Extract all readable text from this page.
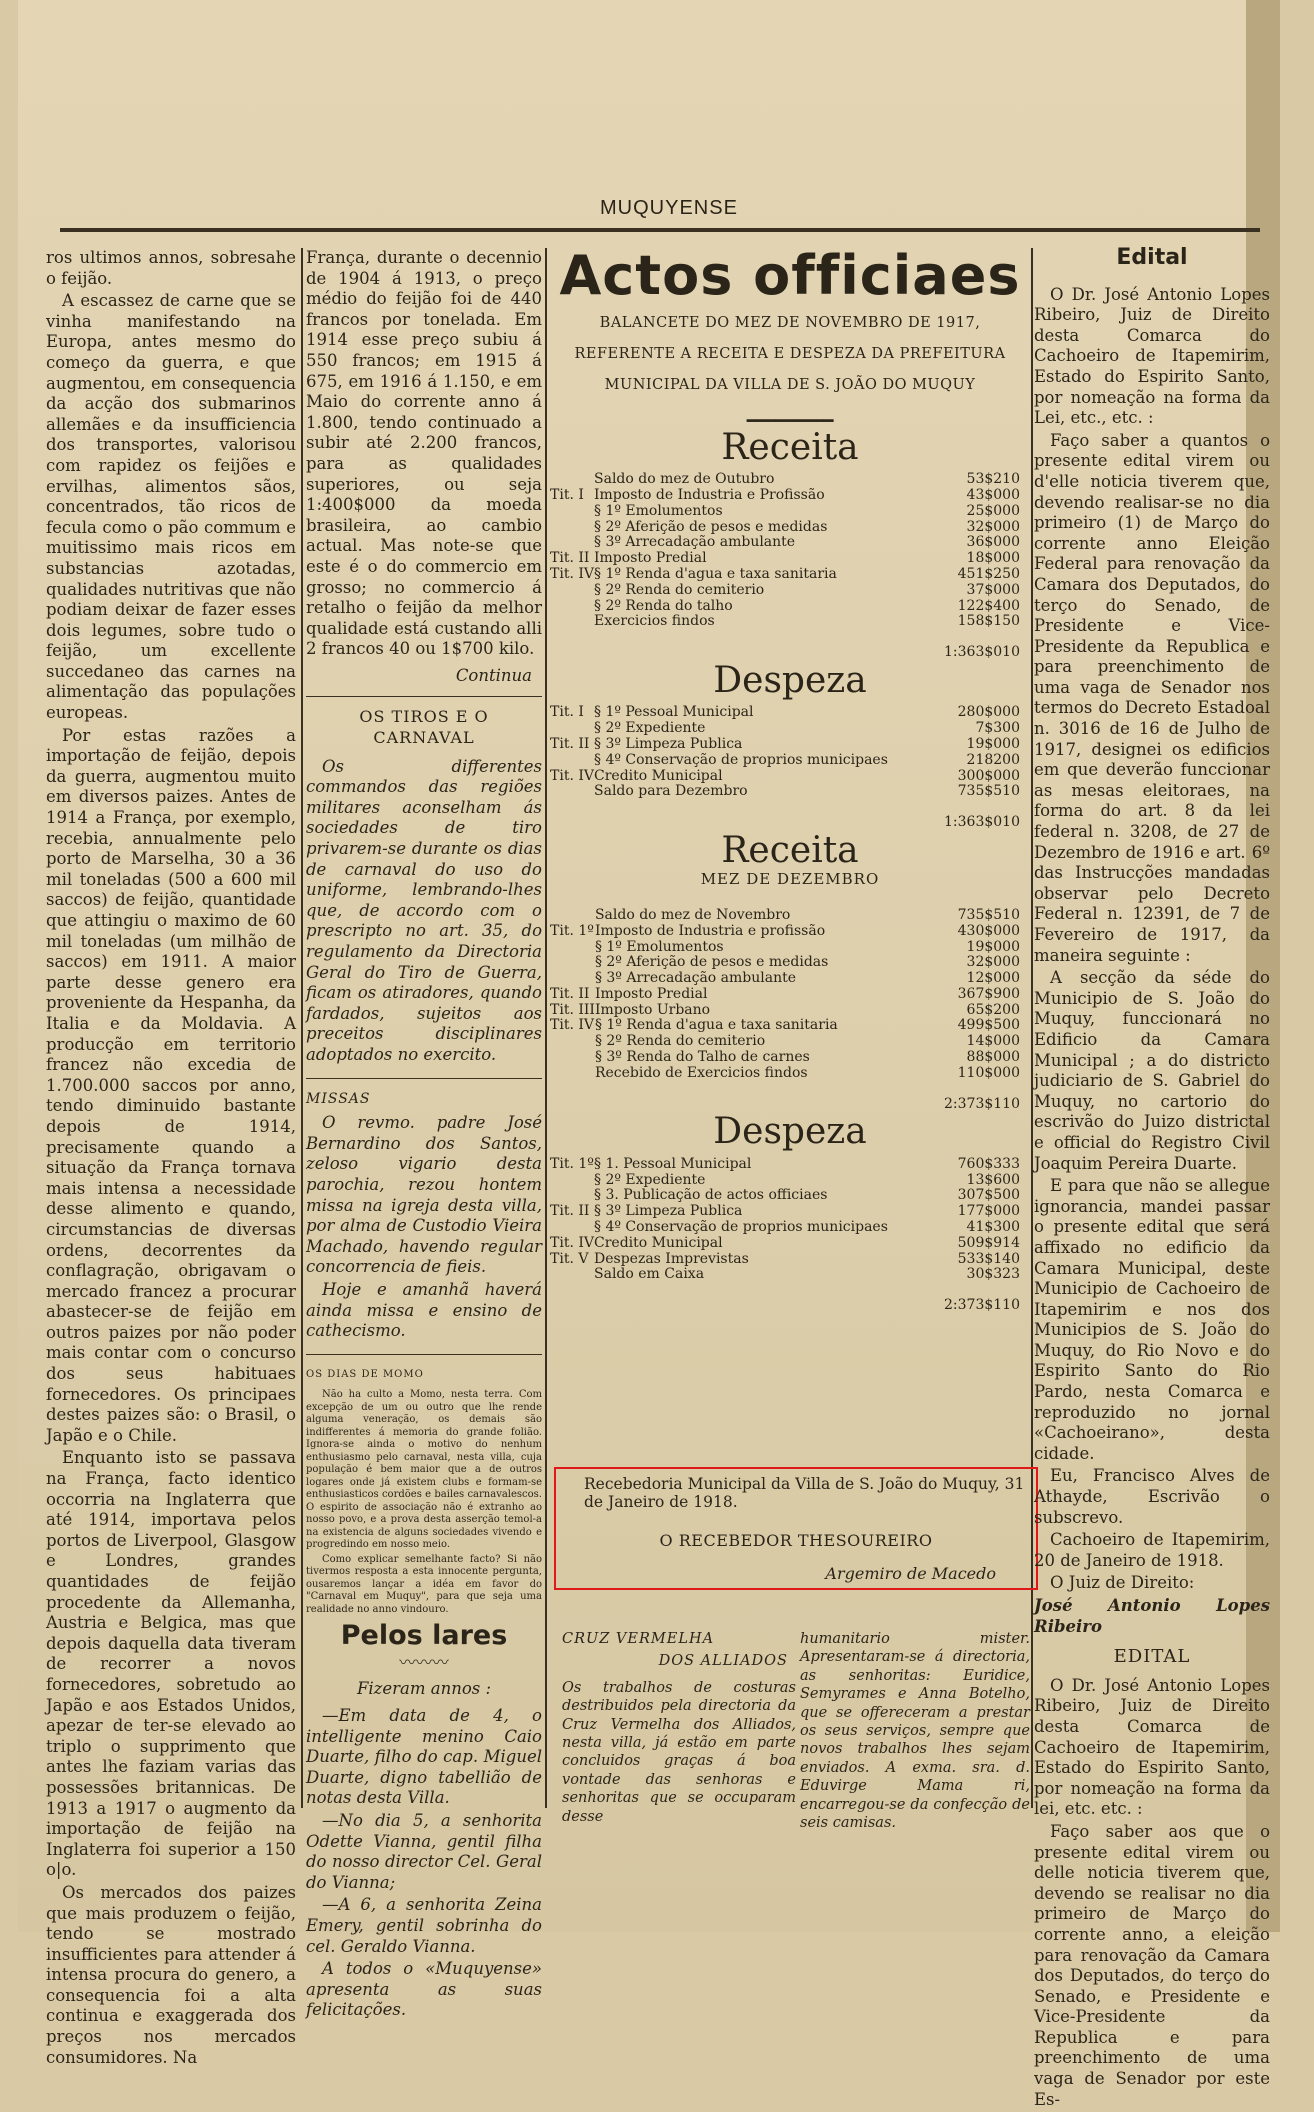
MUQUYENSE

ros ultimos annos, sobresahe o feijão.

A escassez de carne que se vinha manifestando na Europa, antes mesmo do começo da guerra, e que augmentou, em consequencia da acção dos submarinos allemães e da insufficiencia dos transportes, valorisou com rapidez os feijões e ervilhas, alimentos sãos, concentrados, tão ricos de fecula como o pão commum e muitissimo mais ricos em substancias azotadas, qualidades nutritivas que não podiam deixar de fazer esses dois legumes, sobre tudo o feijão, um excellente succedaneo das carnes na alimentação das populações europeas.

Por estas razões a importação de feijão, depois da guerra, augmentou muito em diversos paizes. Antes de 1914 a França, por exemplo, recebia, annualmente pelo porto de Marselha, 30 a 36 mil toneladas (500 a 600 mil saccos) de feijão, quantidade que attingiu o maximo de 60 mil toneladas (um milhão de saccos) em 1911. A maior parte desse genero era proveniente da Hespanha, da Italia e da Moldavia. A producção em territorio francez não excedia de 1.700.000 saccos por anno, tendo diminuido bastante depois de 1914, precisamente quando a situação da França tornava mais intensa a necessidade desse alimento e quando, circumstancias de diversas ordens, decorrentes da conflagração, obrigavam o mercado francez a procurar abastecer-se de feijão em outros paizes por não poder mais contar com o concurso dos seus habituaes fornecedores. Os principaes destes paizes são: o Brasil, o Japão e o Chile.

Enquanto isto se passava na França, facto identico occorria na Inglaterra que até 1914, importava pelos portos de Liverpool, Glasgow e Londres, grandes quantidades de feijão procedente da Allemanha, Austria e Belgica, mas que depois daquella data tiveram de recorrer a novos fornecedores, sobretudo ao Japão e aos Estados Unidos, apezar de ter-se elevado ao triplo o supprimento que antes lhe faziam varias das possessões britannicas. De 1913 a 1917 o augmento da importação de feijão na Inglaterra foi superior a 150 o|o.

Os mercados dos paizes que mais produzem o feijão, tendo se mostrado insufficientes para attender á intensa procura do genero, a consequencia foi a alta continua e exaggerada dos preços nos mercados consumidores. Na

França, durante o decennio de 1904 á 1913, o preço médio do feijão foi de 440 francos por tonelada. Em 1914 esse preço subiu á 550 francos; em 1915 á 675, em 1916 á 1.150, e em Maio do corrente anno á 1.800, tendo continuado a subir até 2.200 francos, para as qualidades superiores, ou seja 1:400$000 da moeda brasileira, ao cambio actual. Mas note-se que este é o do commercio em grosso; no commercio á retalho o feijão da melhor qualidade está custando alli 2 francos 40 ou 1$700 kilo.

Continua
OS TIROS E O CARNAVAL

Os differentes commandos das regiões militares aconselham ás sociedades de tiro privarem-se durante os dias de carnaval do uso do uniforme, lembrando-lhes que, de accordo com o prescripto no art. 35, do regulamento da Directoria Geral do Tiro de Guerra, ficam os atiradores, quando fardados, sujeitos aos preceitos disciplinares adoptados no exercito.

MISSAS

O revmo. padre José Bernardino dos Santos, zeloso vigario desta parochia, rezou hontem missa na igreja desta villa, por alma de Custodio Vieira Machado, havendo regular concorrencia de fieis.

Hoje e amanhã haverá ainda missa e ensino de cathecismo.

OS DIAS DE MOMO

Não ha culto a Momo, nesta terra. Com excepção de um ou outro que lhe rende alguma veneração, os demais são indifferentes á memoria do grande folião. Ignora-se ainda o motivo do nenhum enthusiasmo pelo carnaval, nesta villa, cuja população é bem maior que a de outros logares onde já existem clubs e formam-se enthusiasticos cordões e bailes carnavalescos. O espirito de associação não é extranho ao nosso povo, e a prova desta asserção temol-a na existencia de alguns sociedades vivendo e progredindo em nosso meio.

Como explicar semelhante facto? Si não tivermos resposta a esta innocente pergunta, ousaremos lançar a idéa em favor do "Carnaval em Muquy", para que seja uma realidade no anno vindouro.

Pelos lares
〰〰〰
Fizeram annos :

—Em data de 4, o intelligente menino Caio Duarte, filho do cap. Miguel Duarte, digno tabellião de notas desta Villa.

—No dia 5, a senhorita Odette Vianna, gentil filha do nosso director Cel. Geral do Vianna;

—A 6, a senhorita Zeina Emery, gentil sobrinha do cel. Geraldo Vianna.

A todos o «Muquyense» apresenta as suas felicitações.

Actos officiaes
BALANCETE DO MEZ DE NOVEMBRO DE 1917, REFERENTE A RECEITA E DESPEZA DA PREFEITURA MUNICIPAL DA VILLA DE S. JOÃO DO MUQUY
━━━━━━━━━
Receita
	Saldo do mez de Outubro	53$210
Tit. I	Imposto de Industria e Profissão	43$000
	§ 1º Emolumentos	25$000
	§ 2º Aferição de pesos e medidas	32$000
	§ 3º Arrecadação ambulante	36$000
Tit. II	Imposto Predial	18$000
Tit. IV	§ 1º Renda d'agua e taxa sanitaria	451$250
	§ 2º Renda do cemiterio	37$000
	§ 2º Renda do talho	122$400
	Exercicios findos	158$150
1:363$010
Despeza
Tit. I	§ 1º Pessoal Municipal	280$000
	§ 2º Expediente	7$300
Tit. II	§ 3º Limpeza Publica	19$000
	§ 4º Conservação de proprios municipaes	218200
Tit. IV	Credito Municipal	300$000
	Saldo para Dezembro	735$510
1:363$010
Receita
MEZ DE DEZEMBRO
	Saldo do mez de Novembro	735$510
Tit. 1º	Imposto de Industria e profissão	430$000
	§ 1º Emolumentos	19$000
	§ 2º Aferição de pesos e medidas	32$000
	§ 3º Arrecadação ambulante	12$000
Tit. II	Imposto Predial	367$900
Tit. III	Imposto Urbano	65$200
Tit. IV	§ 1º Renda d'agua e taxa sanitaria	499$500
	§ 2º Renda do cemiterio	14$000
	§ 3º Renda do Talho de carnes	88$000
	Recebido de Exercicios findos	110$000
2:373$110
Despeza
Tit. 1º	§ 1. Pessoal Municipal	760$333
	§ 2º Expediente	13$600
	§ 3. Publicação de actos officiaes	307$500
Tit. II	§ 3º Limpeza Publica	177$000
	§ 4º Conservação de proprios municipaes	41$300
Tit. IV	Credito Municipal	509$914
Tit. V	Despezas Imprevistas	533$140
	Saldo em Caixa	30$323
2:373$110
Recebedoria Municipal da Villa de S. João do Muquy, 31 de Janeiro de 1918.
O RECEBEDOR THESOUREIRO
Argemiro de Macedo
CRUZ VERMELHA
DOS ALLIADOS
Os trabalhos de costuras destribuidos pela directoria da Cruz Vermelha dos Alliados, nesta villa, já estão em parte concluidos graças á boa vontade das senhoras e senhoritas que se occuparam desse
humanitario mister. Apresentaram-se á directoria, as senhoritas: Euridice, Semyrames e Anna Botelho, que se offereceram a prestar os seus serviços, sempre que novos trabalhos lhes sejam enviados. A exma. sra. d. Eduvirge Mama ri, encarregou-se da confecção de seis camisas.
Edital

O Dr. José Antonio Lopes Ribeiro, Juiz de Direito desta Comarca do Cachoeiro de Itapemirim, Estado do Espirito Santo, por nomeação na forma da Lei, etc., etc. :

Faço saber a quantos o presente edital virem ou d'elle noticia tiverem que, devendo realisar-se no dia primeiro (1) de Março do corrente anno Eleição Federal para renovação da Camara dos Deputados, do terço do Senado, de Presidente e Vice-Presidente da Republica e para preenchimento de uma vaga de Senador nos termos do Decreto Estadoal n. 3016 de 16 de Julho de 1917, designei os edificios em que deverão funccionar as mesas eleitoraes, na forma do art. 8 da lei federal n. 3208, de 27 de Dezembro de 1916 e art. 6º das Instrucções mandadas observar pelo Decreto Federal n. 12391, de 7 de Fevereiro de 1917, da maneira seguinte :

A secção da séde do Municipio de S. João do Muquy, funccionará no Edificio da Camara Municipal ; a do districto judiciario de S. Gabriel do Muquy, no cartorio do escrivão do Juizo districtal e official do Registro Civil Joaquim Pereira Duarte.

E para que não se allegue ignorancia, mandei passar o presente edital que será affixado no edificio da Camara Municipal, deste Municipio de Cachoeiro de Itapemirim e nos dos Municipios de S. João do Muquy, do Rio Novo e do Espirito Santo do Rio Pardo, nesta Comarca e reproduzido no jornal «Cachoeirano», desta cidade.

Eu, Francisco Alves de Athayde, Escrivão o subscrevo.

Cachoeiro de Itapemirim, 20 de Janeiro de 1918.

O Juiz de Direito:

José Antonio Lopes Ribeiro

EDITAL

O Dr. José Antonio Lopes Ribeiro, Juiz de Direito desta Comarca de Cachoeiro de Itapemirim, Estado do Espirito Santo, por nomeação na forma da lei, etc. etc. :

Faço saber aos que o presente edital virem ou delle noticia tiverem que, devendo se realisar no dia primeiro de Março do corrente anno, a eleição para renovação da Camara dos Deputados, do terço do Senado, e Presidente e Vice-Presidente da Republica e para preenchimento de uma vaga de Senador por este Es-
